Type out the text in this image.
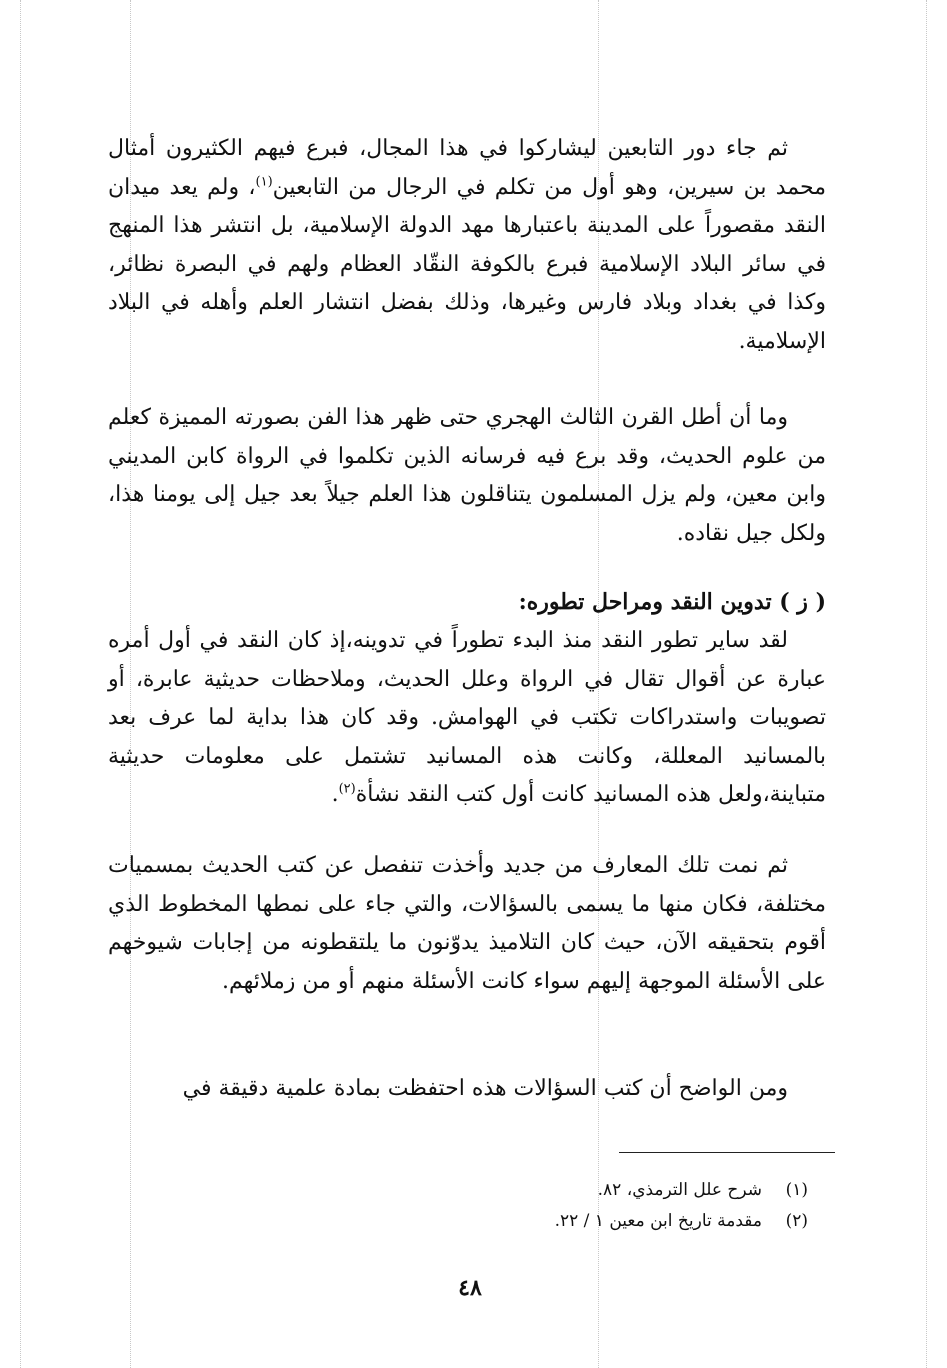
ثم جاء دور التابعين ليشاركوا في هذا المجال، فبرع فيهم الكثيرون أمثال محمد بن سيرين، وهو أول من تكلم في الرجال من التابعين$^{(١)}$، ولم يعد ميدان النقد مقصوراً على المدينة باعتبارها مهد الدولة الإسلامية، بل انتشر هذا المنهج في سائر البلاد الإسلامية فبرع بالكوفة النقّاد العظام ولهم في البصرة نظائر، وكذا في بغداد وبلاد فارس وغيرها، وذلك بفضل انتشار العلم وأهله في البلاد الإسلامية.
وما أن أطل القرن الثالث الهجري حتى ظهر هذا الفن بصورته المميزة كعلم من علوم الحديث، وقد برع فيه فرسانه الذين تكلموا في الرواة كابن المديني وابن معين، ولم يزل المسلمون يتناقلون هذا العلم جيلاً بعد جيل إلى يومنا هذا، ولكل جيل نقاده.
( ز ) تدوين النقد ومراحل تطوره:
لقد ساير تطور النقد منذ البدء تطوراً في تدوينه،إذ كان النقد في أول أمره عبارة عن أقوال تقال في الرواة وعلل الحديث، وملاحظات حديثية عابرة، أو تصويبات واستدراكات تكتب في الهوامش. وقد كان هذا بداية لما عرف بعد بالمسانيد المعللة، وكانت هذه المسانيد تشتمل على معلومات حديثية متباينة،ولعل هذه المسانيد كانت أول كتب النقد نشأة$^{(٢)}$.
ثم نمت تلك المعارف من جديد وأخذت تنفصل عن كتب الحديث بمسميات مختلفة، فكان منها ما يسمى بالسؤالات، والتي جاء على نمطها المخطوط الذي أقوم بتحقيقه الآن، حيث كان التلاميذ يدوّنون ما يلتقطونه من إجابات شيوخهم على الأسئلة الموجهة إليهم سواء كانت الأسئلة منهم أو من زملائهم.
ومن الواضح أن كتب السؤالات هذه احتفظت بمادة علمية دقيقة في
(١)شرح علل الترمذي، ٨٢.
(٢)مقدمة تاريخ ابن معين ١ / ٢٢.
٤٨
